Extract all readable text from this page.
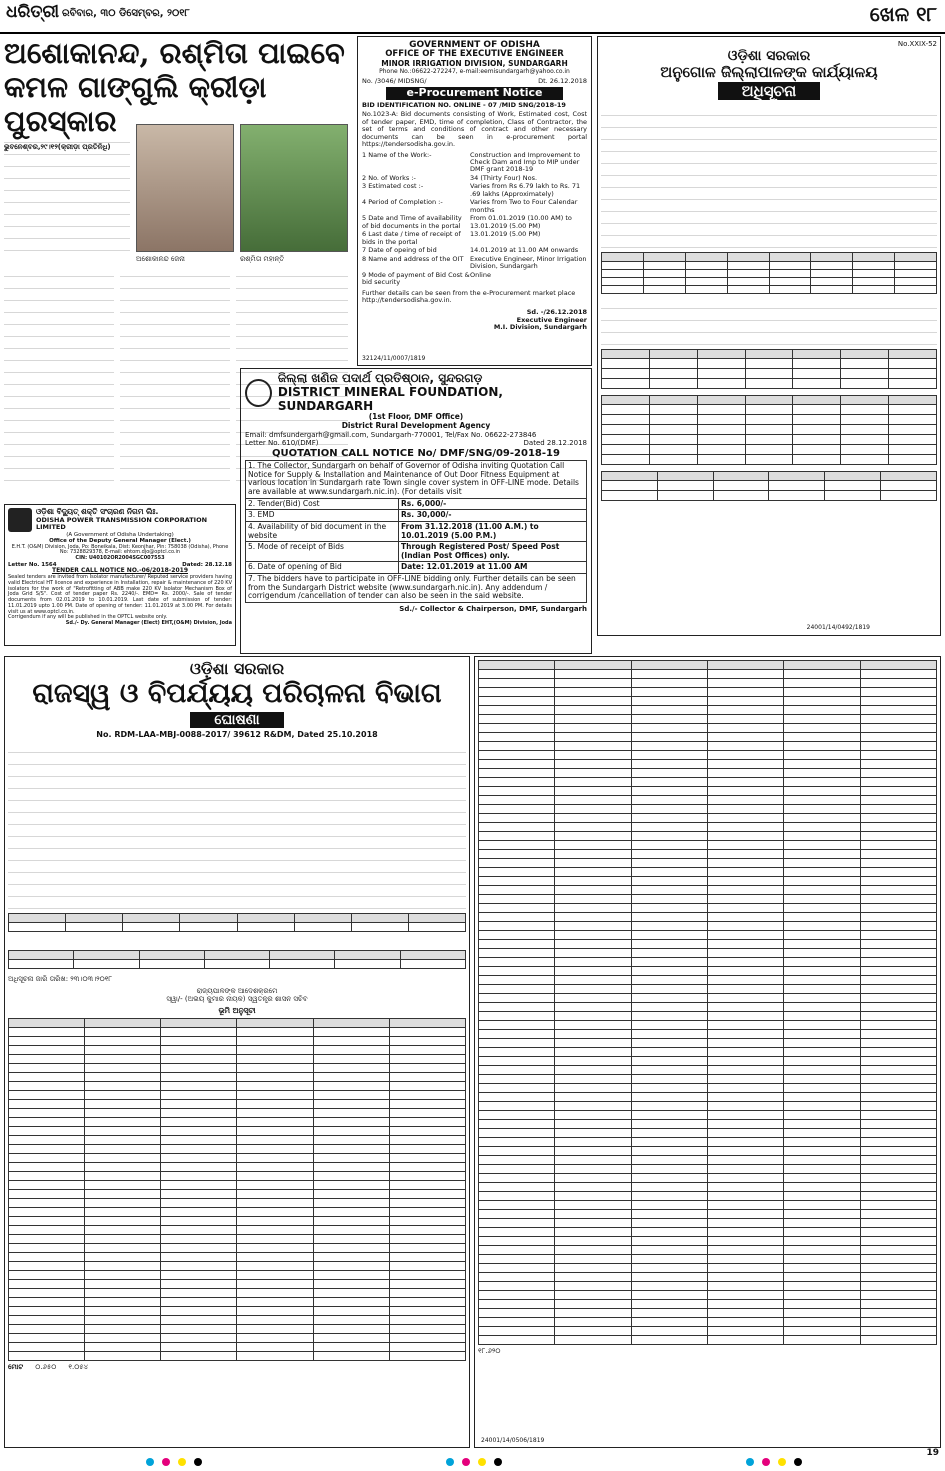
ଧରିତ୍ରୀ ରବିବାର, ୩୦ ଡିସେମ୍ବର, ୨୦୧୮	ଖେଳ ୧୮
ଅଶୋକାନନ୍ଦ, ରଶ୍ମିତା ପାଇବେ
କମଳ ଗାଙ୍ଗୁଲି କ୍ରୀଡ଼ା ପୁରସ୍କାର
ଭୁବନେଶ୍ବର,୨୯।୧୨(କ୍ରୀଡ଼ା ପ୍ରତିନିଧି)
ଅଶୋକାନନ୍ଦ ଜେନା	ରଶ୍ମିତା ମହାନ୍ତି
GOVERNMENT OF ODISHA
OFFICE OF THE EXECUTIVE ENGINEER
MINOR IRRIGATION DIVISION, SUNDARGARH
Phone No.:06622-272247, e-mail:eemisundargarh@yahoo.co.in
No. /3046/ MIDSNG/	Dt. 26.12.2018
e-Procurement Notice
BID IDENTIFICATION NO. ONLINE - 07 /MID SNG/2018-19
No.1023-A: Bid documents consisting of Work, Estimated cost, Cost of tender paper, EMD, time of completion, Class of Contractor, the set of terms and conditions of contract and other necessary documents can be seen in e-procurement portal https://tendersodisha.gov.in.
1 Name of the Work:-	Construction and Improvement to Check Dam and Imp to MIP under DMF grant 2018-19
2 No. of Works :-	34 (Thirty Four) Nos.
3 Estimated cost :-	Varies from Rs 6.79 lakh to Rs. 71 .69 lakhs (Approximately)
4 Period of Completion :-	Varies from Two to Four Calendar months
5 Date and Time of availability of bid documents in the portal
From 01.01.2019 (10.00 AM) to 13.01.2019 (5.00 PM)
6 Last date / time of receipt of bids in the portal
13.01.2019 (5.00 PM)
7 Date of opeing of bid	14.01.2019 at 11.00 AM onwards
8 Name and address of the OIT	Executive Engineer, Minor Irrigation Division, Sundargarh
9 Mode of payment of Bid Cost & bid security
Online
Further details can be seen from the e-Procurement market place http://tendersodisha.gov.in.
Sd. -/26.12.2018
Executive Engineer
M.I. Division, Sundargarh
32124/11/0007/1819
No.XXIX-52
ଓଡ଼ିଶା ସରକାର
ଅନୁଗୋଳ ଜିଲ୍ଲାପାଳଙ୍କ କାର୍ଯ୍ୟାଳୟ
ଅଧିସୂଚନା

24001/14/0492/1819
ଓଡ଼ିଶା ବିଦ୍ୟୁତ୍ ଶକ୍ତି ସଂଚାରଣ ନିଗମ ଲିଃ.
ODISHA POWER TRANSMISSION CORPORATION LIMITED
(A Government of Odisha Undertaking)
Office of the Deputy General Manager (Elect.)
E.H.T. (O&M) Division, Joda, Po: Boneikala, Dist: Keonjhar, Pin: 758038 (Odisha), Phone No: 7328829378, E-mail: ehtom.djo@optcl.co.in
CIN: U40102OR2004SGC007553
Letter No. 1564	Dated: 28.12.18
TENDER CALL NOTICE NO.-06/2018-2019
Sealed tenders are invited from Isolator manufacturer/ Reputed service providers having valid Electrical HT licence and experience in Installation, repair & maintenance of 220 KV isolators for the work of "Retrofitting of ABB make 220 KV Isolator Mechanism Box of Joda Grid S/S". Cost of tender paper Rs. 2240/-. EMD= Rs. 2000/-. Sale of tender documents from 02.01.2019 to 10.01.2019. Last date of submission of tender: 11.01.2019 upto 1.00 PM. Date of opening of tender: 11.01.2019 at 3.00 PM. For details visit us at www.optcl.co.in.
Corrigendum if any will be published in the OPTCL website only.
Sd./- Dy. General Manager (Elect) EHT,(O&M) Division, Joda
ଜିଲ୍ଲା ଖଣିଜ ପଦାର୍ଥ ପ୍ରତିଷ୍ଠାନ, ସୁନ୍ଦରଗଡ଼
DISTRICT MINERAL FOUNDATION, SUNDARGARH
(1st Floor, DMF Office)
District Rural Development Agency
Email: dmfsundergarh@gmail.com, Sundargarh-770001, Tel/Fax No. 06622-273846
Letter No. 610/(DMF)	Dated 28.12.2018
QUOTATION CALL NOTICE No/ DMF/SNG/09-2018-19
1. The Collector, Sundargarh on behalf of Governor of Odisha inviting Quotation Call Notice for Supply & Installation and Maintenance of Out Door Fitness Equipment at various location in Sundargarh rate Town single cover system in OFF-LINE mode. Details are available at www.sundargarh.nic.in). (For details visit
2. Tender(Bid) Cost	Rs. 6,000/-
3. EMD	Rs. 30,000/-
4. Availability of bid document in the website
From 31.12.2018 (11.00 A.M.) to 10.01.2019 (5.00 P.M.)
5. Mode of receipt of Bids	Through Registered Post/ Speed Post (Indian Post Offices) only.
6. Date of opening of Bid	Date: 12.01.2019 at 11.00 AM
7. The bidders have to participate in OFF-LINE bidding only. Further details can be seen from the Sundargarh District website (www.sundargarh.nic.in). Any addendum / corrigendum /cancellation of tender can also be seen in the said website.
Sd./- Collector & Chairperson, DMF, Sundargarh
ଓଡ଼ିଶା ସରକାର
ରାଜସ୍ୱ ଓ ବିପର୍ଯ୍ୟୟ ପରିଚାଳନା ବିଭାଗ
ଘୋଷଣା
No. RDM-LAA-MBJ-0088-2017/ 39612 R&DM, Dated 25.10.2018

ଅଧିସୂଚନା ଜାରି ତାରିଖ: ୨୩।୦୩।୨୦୧୮
ରାଜ୍ୟପାଳଙ୍କ ଆଦେଶକ୍ରମେ
ସ୍ୱା/- (ଅଭୟ କୁମାର ନାୟକ) ସ୍ୱତନ୍ତ୍ର ଶାସନ ସଚିବ
ଭୂମି ଅନୁସୂଚୀ

ମୋଟ ୦.୬୫୦ ୧.୦୫୪

୧୮.୬୨୦
24001/14/0506/1819
19
